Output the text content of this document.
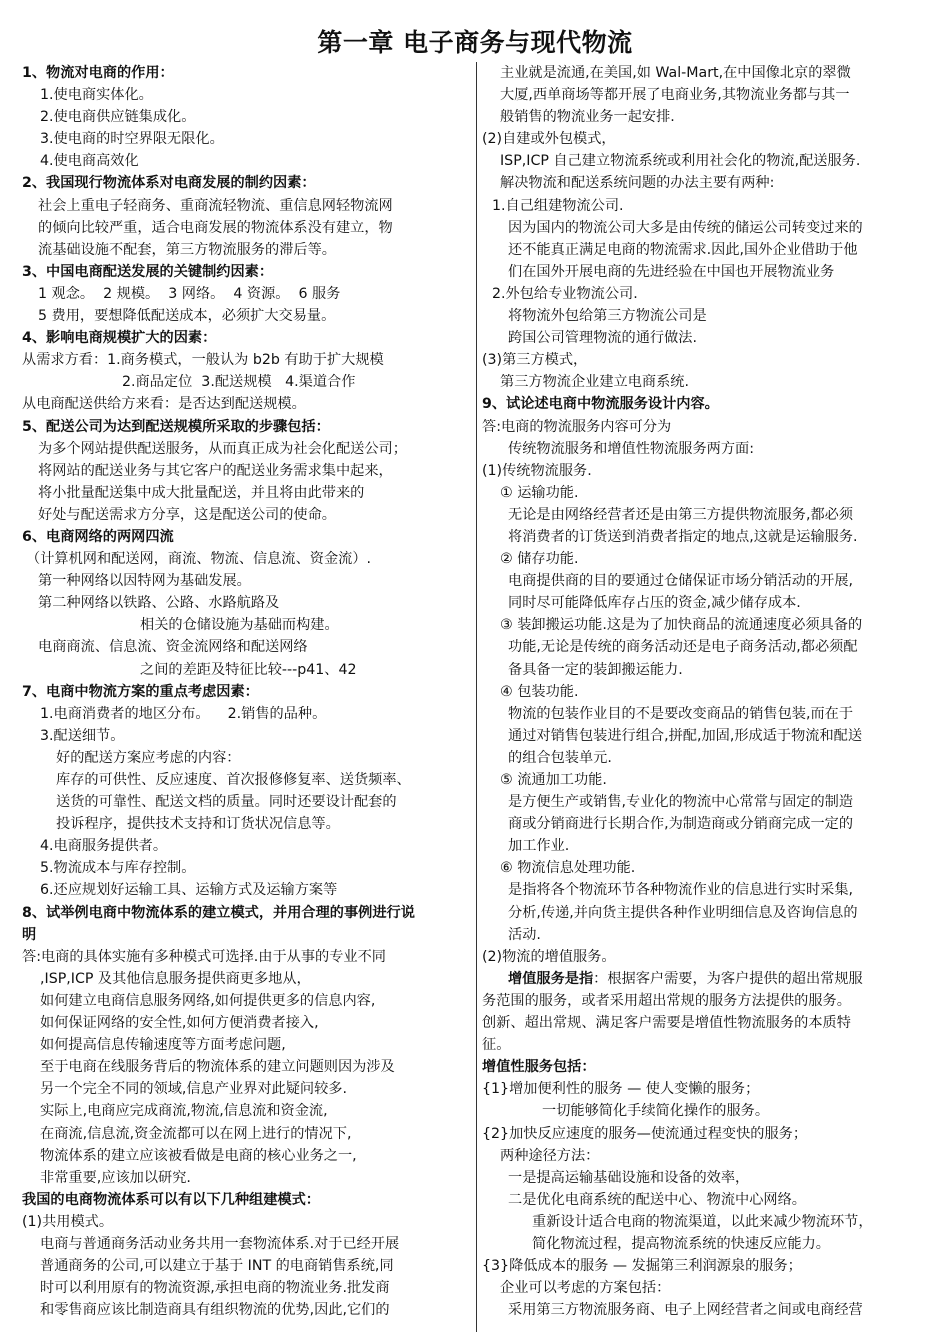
第一章 电子商务与现代物流
1、物流对电商的作用：
1.使电商实体化。
2.使电商供应链集成化。
3.使电商的时空界限无限化。
4.使电商高效化
2、我国现行物流体系对电商发展的制约因素：
社会上重电子轻商务、重商流轻物流、重信息网轻物流网
的倾向比较严重，适合电商发展的物流体系没有建立，物
流基础设施不配套，第三方物流服务的滞后等。
3、中国电商配送发展的关键制约因素：
1 观念。  2 规模。  3 网络。  4 资源。  6 服务
5 费用，要想降低配送成本，必须扩大交易量。
4、影响电商规模扩大的因素：
从需求方看：1.商务模式，一般认为 b2b 有助于扩大规模
2.商品定位  3.配送规模   4.渠道合作
从电商配送供给方来看：是否达到配送规模。
5、配送公司为达到配送规模所采取的步骤包括：
为多个网站提供配送服务，从而真正成为社会化配送公司；
将网站的配送业务与其它客户的配送业务需求集中起来，
将小批量配送集中成大批量配送，并且将由此带来的
好处与配送需求方分享，这是配送公司的使命。
6、电商网络的两网四流
（计算机网和配送网，商流、物流、信息流、资金流）.
第一种网络以因特网为基础发展。
第二种网络以铁路、公路、水路航路及
相关的仓储设施为基础而构建。
电商商流、信息流、资金流网络和配送网络
之间的差距及特征比较---p41、42
7、电商中物流方案的重点考虑因素：
1.电商消费者的地区分布。    2.销售的品种。
3.配送细节。
好的配送方案应考虑的内容：
库存的可供性、反应速度、首次报修修复率、送货频率、
送货的可靠性、配送文档的质量。同时还要设计配套的
投诉程序，提供技术支持和订货状况信息等。
4.电商服务提供者。
5.物流成本与库存控制。
6.还应规划好运输工具、运输方式及运输方案等
8、试举例电商中物流体系的建立模式，并用合理的事例进行说
明
答:电商的具体实施有多种模式可选择.由于从事的专业不同
,ISP,ICP 及其他信息服务提供商更多地从，
如何建立电商信息服务网络,如何提供更多的信息内容,
如何保证网络的安全性,如何方便消费者接入,
如何提高信息传输速度等方面考虑问题,
至于电商在线服务背后的物流体系的建立问题则因为涉及
另一个完全不同的领域,信息产业界对此疑问较多.
实际上,电商应完成商流,物流,信息流和资金流,
在商流,信息流,资金流都可以在网上进行的情况下,
物流体系的建立应该被看做是电商的核心业务之一,
非常重要,应该加以研究.
我国的电商物流体系可以有以下几种组建模式：
(1)共用模式。
电商与普通商务活动业务共用一套物流体系.对于已经开展
普通商务的公司,可以建立于基于 INT 的电商销售系统,同
时可以利用原有的物流资源,承担电商的物流业务.批发商
和零售商应该比制造商具有组织物流的优势,因此,它们的
主业就是流通,在美国,如 Wal-Mart,在中国像北京的翠微
大厦,西单商场等都开展了电商业务,其物流业务都与其一
般销售的物流业务一起安排.
(2)自建或外包模式，
ISP,ICP 自己建立物流系统或利用社会化的物流,配送服务.
解决物流和配送系统问题的办法主要有两种:
1.自己组建物流公司.
因为国内的物流公司大多是由传统的储运公司转变过来的
还不能真正满足电商的物流需求.因此,国外企业借助于他
们在国外开展电商的先进经验在中国也开展物流业务
2.外包给专业物流公司.
将物流外包给第三方物流公司是
跨国公司管理物流的通行做法.
(3)第三方模式，
第三方物流企业建立电商系统.
9、试论述电商中物流服务设计内容。
答:电商的物流服务内容可分为
传统物流服务和增值性物流服务两方面:
(1)传统物流服务.
① 运输功能.
无论是由网络经营者还是由第三方提供物流服务,都必须
将消费者的订货送到消费者指定的地点,这就是运输服务.
② 储存功能.
电商提供商的目的要通过仓储保证市场分销活动的开展,
同时尽可能降低库存占压的资金,减少储存成本.
③ 装卸搬运功能.这是为了加快商品的流通速度必须具备的
功能,无论是传统的商务活动还是电子商务活动,都必须配
备具备一定的装卸搬运能力.
④ 包装功能.
物流的包装作业目的不是要改变商品的销售包装,而在于
通过对销售包装进行组合,拼配,加固,形成适于物流和配送
的组合包装单元.
⑤ 流通加工功能.
是方便生产或销售,专业化的物流中心常常与固定的制造
商或分销商进行长期合作,为制造商或分销商完成一定的
加工作业.
⑥ 物流信息处理功能.
是指将各个物流环节各种物流作业的信息进行实时采集,
分析,传递,并向货主提供各种作业明细信息及咨询信息的
活动.
(2)物流的增值服务。
增值服务是指：根据客户需要，为客户提供的超出常规服
务范围的服务，或者采用超出常规的服务方法提供的服务。
创新、超出常规、满足客户需要是增值性物流服务的本质特
征。
增值性服务包括：
{1}增加便利性的服务 — 使人变懒的服务；
一切能够简化手续简化操作的服务。
{2}加快反应速度的服务—使流通过程变快的服务；
两种途径方法：
一是提高运输基础设施和设备的效率，
二是优化电商系统的配送中心、物流中心网络。
重新设计适合电商的物流渠道，以此来减少物流环节，
简化物流过程，提高物流系统的快速反应能力。
{3}降低成本的服务 — 发掘第三利润源泉的服务；
企业可以考虑的方案包括：
采用第三方物流服务商、电子上网经营者之间或电商经营
